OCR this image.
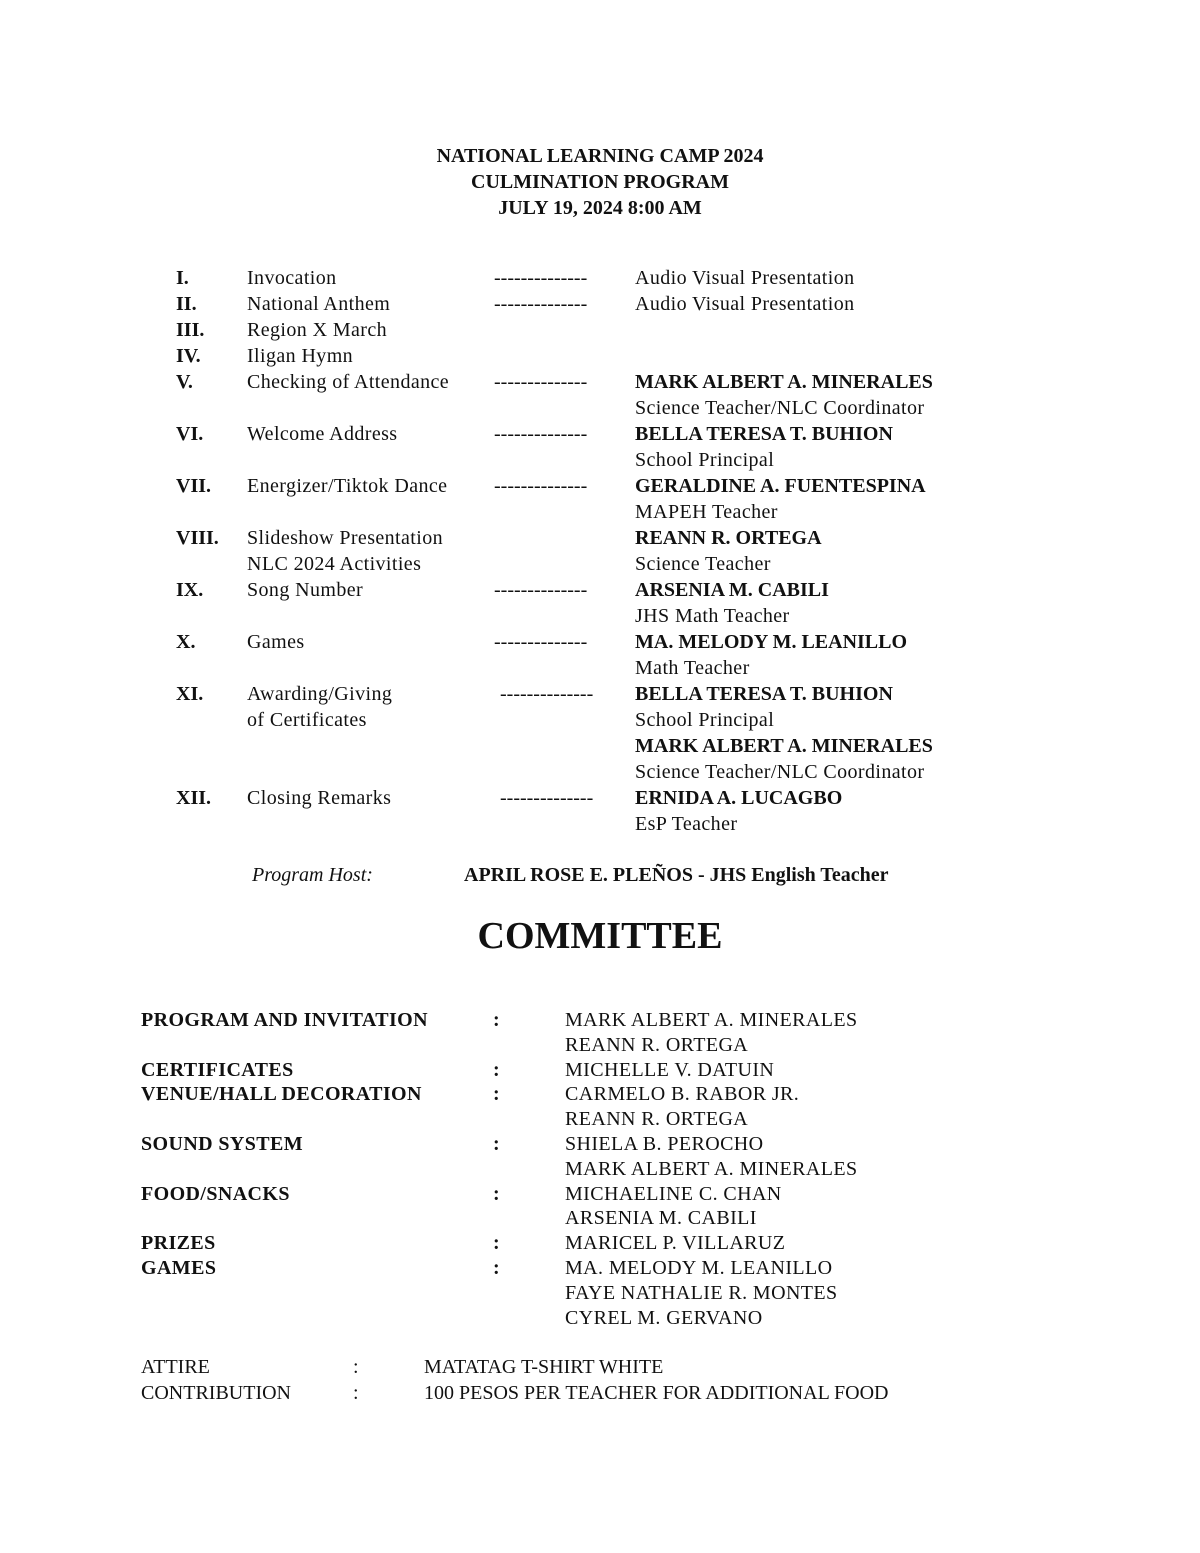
NATIONAL LEARNING CAMP 2024
CULMINATION PROGRAM
JULY 19, 2024 8:00 AM
I.	Invocation	-------------- Audio Visual Presentation
II.	National Anthem	-------------- Audio Visual Presentation
III. Region X March
IV. Iligan Hymn
V.	Checking of Attendance -------------- MARK ALBERT A. MINERALES
Science Teacher/NLC Coordinator
VI. Welcome Address	-------------- BELLA TERESA T. BUHION
School Principal
VII. Energizer/Tiktok Dance -------------- GERALDINE A. FUENTESPINA
MAPEH Teacher
VIII. Slideshow Presentation
NLC 2024 Activities
REANN R. ORTEGA
Science Teacher
IX. Song Number	-------------- ARSENIA M. CABILI
JHS Math Teacher
X.	Games	-------------- MA. MELODY M. LEANILLO
Math Teacher
XI. Awarding/Giving
of Certificates
-------------- BELLA TERESA T. BUHION
School Principal
MARK ALBERT A. MINERALES
Science Teacher/NLC Coordinator
XII. Closing Remarks	-------------- ERNIDA A. LUCAGBO
EsP Teacher
Program Host:	APRIL ROSE E. PLEÑOS - JHS English Teacher
COMMITTEE
PROGRAM AND INVITATION	:	MARK ALBERT A. MINERALES
REANN R. ORTEGA
CERTIFICATES	:	MICHELLE V. DATUIN
VENUE/HALL DECORATION	:	CARMELO B. RABOR JR.
REANN R. ORTEGA
SOUND SYSTEM	:	SHIELA B. PEROCHO
MARK ALBERT A. MINERALES
FOOD/SNACKS	:	MICHAELINE C. CHAN
ARSENIA M. CABILI
PRIZES	:	MARICEL P. VILLARUZ
GAMES	:	MA. MELODY M. LEANILLO
FAYE NATHALIE R. MONTES
CYREL M. GERVANO
ATTIRE	:	MATATAG T-SHIRT WHITE
CONTRIBUTION	:	100 PESOS PER TEACHER FOR ADDITIONAL FOOD
